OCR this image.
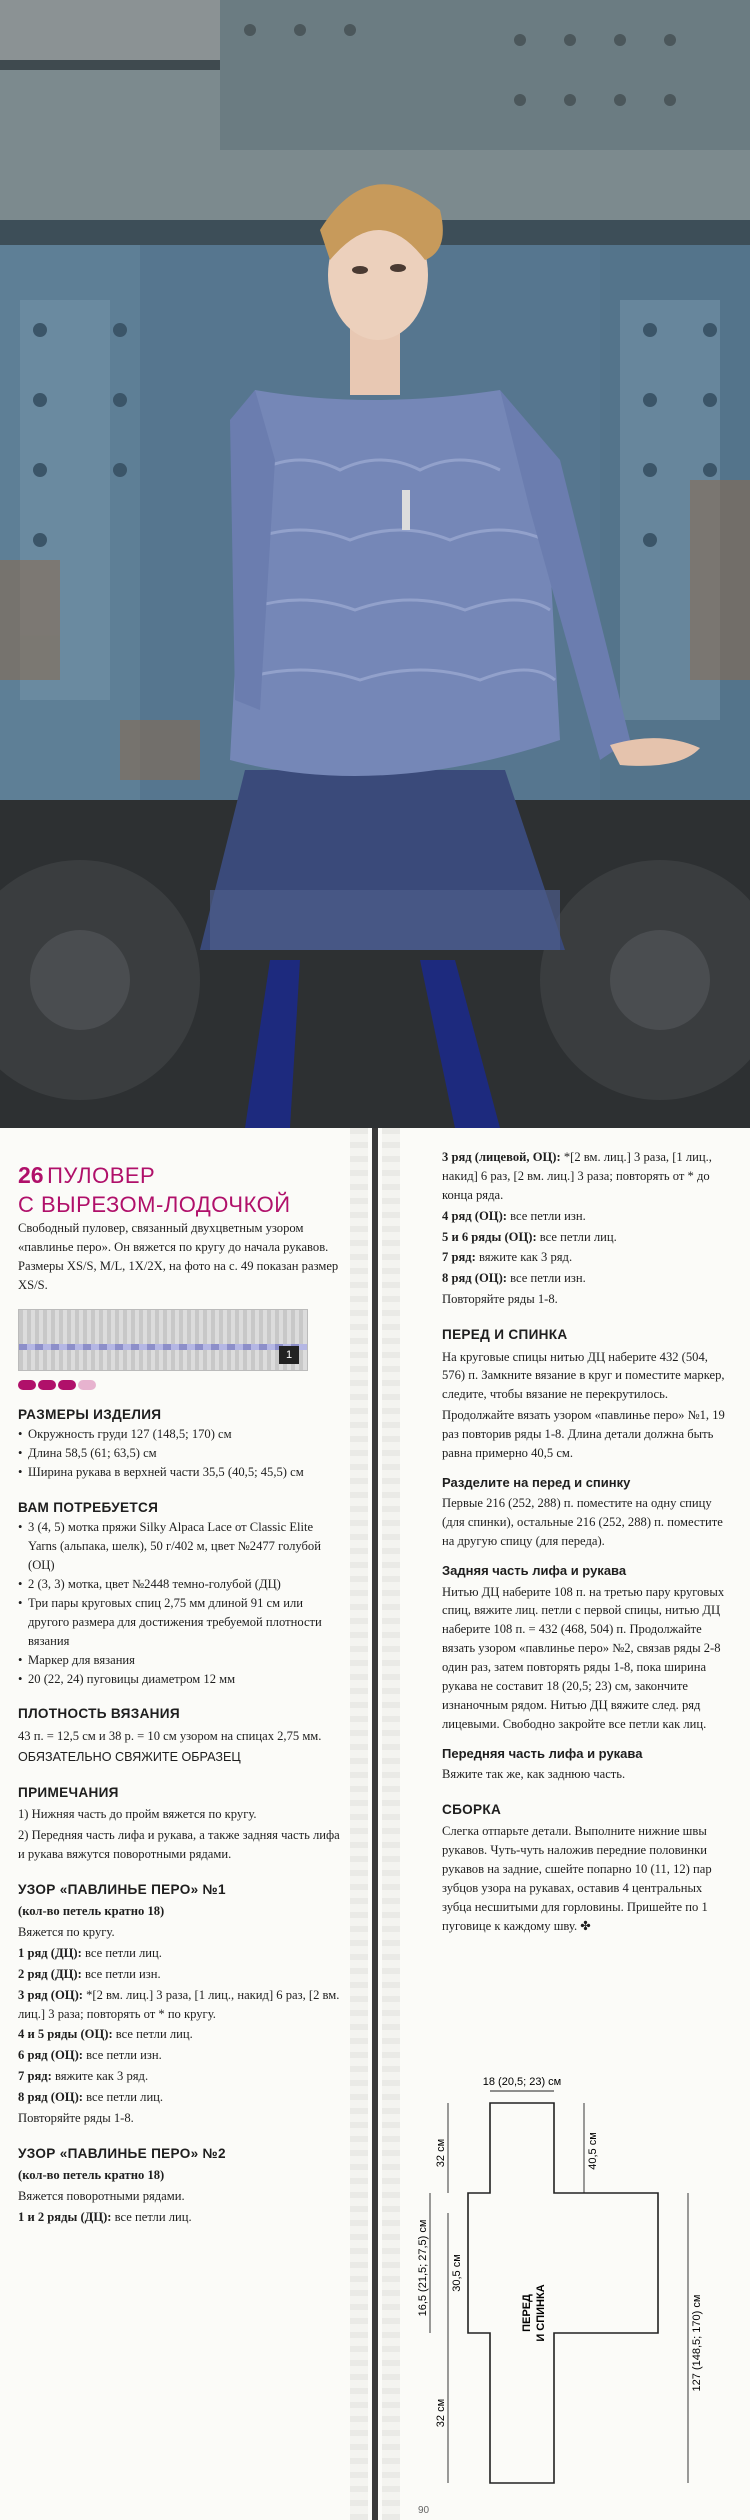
26 ПУЛОВЕР
С ВЫРЕЗОМ-ЛОДОЧКОЙ
Свободный пуловер, связанный двухцветным узором «павлинье перо». Он вяжется по кругу до начала рукавов. Размеры XS/S, M/L, 1X/2X, на фото на с. 49 показан размер XS/S.
1
РАЗМЕРЫ ИЗДЕЛИЯ
• Окружность груди 127 (148,5; 170) см
• Длина 58,5 (61; 63,5) см
• Ширина рукава в верхней части 35,5 (40,5; 45,5) см
ВАМ ПОТРЕБУЕТСЯ
• 3 (4, 5) мотка пряжи Silky Alpaca Lace от Classic Elite Yarns (альпака, шелк), 50 г/402 м, цвет №2477 голубой (ОЦ)
• 2 (3, 3) мотка, цвет №2448 темно-голубой (ДЦ)
• Три пары круговых спиц 2,75 мм длиной 91 см или другого размера для достижения требуемой плотности вязания
• Маркер для вязания
• 20 (22, 24) пуговицы диаметром 12 мм
ПЛОТНОСТЬ ВЯЗАНИЯ
43 п. = 12,5 см и 38 р. = 10 см узором на спицах 2,75 мм.
ОБЯЗАТЕЛЬНО СВЯЖИТЕ ОБРАЗЕЦ
ПРИМЕЧАНИЯ
1) Нижняя часть до пройм вяжется по кругу.
2) Передняя часть лифа и рукава, а также задняя часть лифа и рукава вяжутся поворотными рядами.
УЗОР «ПАВЛИНЬЕ ПЕРО» №1
(кол-во петель кратно 18)
Вяжется по кругу.
1 ряд (ДЦ): все петли лиц.
2 ряд (ДЦ): все петли изн.
3 ряд (ОЦ): *[2 вм. лиц.] 3 раза, [1 лиц., накид] 6 раз, [2 вм. лиц.] 3 раза; повторять от * по кругу.
4 и 5 ряды (ОЦ): все петли лиц.
6 ряд (ОЦ): все петли изн.
7 ряд: вяжите как 3 ряд.
8 ряд (ОЦ): все петли лиц.
Повторяйте ряды 1-8.
УЗОР «ПАВЛИНЬЕ ПЕРО» №2
(кол-во петель кратно 18)
Вяжется поворотными рядами.
1 и 2 ряды (ДЦ): все петли лиц.
3 ряд (лицевой, ОЦ): *[2 вм. лиц.] 3 раза, [1 лиц., накид] 6 раз, [2 вм. лиц.] 3 раза; повторять от * до конца ряда.
4 ряд (ОЦ): все петли изн.
5 и 6 ряды (ОЦ): все петли лиц.
7 ряд: вяжите как 3 ряд.
8 ряд (ОЦ): все петли изн.
Повторяйте ряды 1-8.
ПЕРЕД И СПИНКА
На круговые спицы нитью ДЦ наберите 432 (504, 576) п. Замкните вязание в круг и поместите маркер, следите, чтобы вязание не перекрутилось.
Продолжайте вязать узором «павлинье перо» №1, 19 раз повторив ряды 1-8. Длина детали должна быть равна примерно 40,5 см.
Разделите на перед и спинку
Первые 216 (252, 288) п. поместите на одну спицу (для спинки), остальные 216 (252, 288) п. поместите на другую спицу (для переда).
Задняя часть лифа и рукава
Нитью ДЦ наберите 108 п. на третью пару круговых спиц, вяжите лиц. петли с первой спицы, нитью ДЦ наберите 108 п. = 432 (468, 504) п. Продолжайте вязать узором «павлинье перо» №2, связав ряды 2-8 один раз, затем повторять ряды 1-8, пока ширина рукава не составит 18 (20,5; 23) см, закончите изнаночным рядом. Нитью ДЦ вяжите след. ряд лицевыми. Свободно закройте все петли как лиц.
Передняя часть лифа и рукава
Вяжите так же, как заднюю часть.
СБОРКА
Слегка отпарьте детали. Выполните нижние швы рукавов. Чуть-чуть наложив передние половинки рукавов на задние, сшейте попарно 10 (11, 12) пар зубцов узора на рукавах, оставив 4 центральных зубца несшитыми для горловины. Пришейте по 1 пуговице к каждому шву. ✤
18 (20,5; 23) см
32 см
16,5 (21,5; 27,5) см 30,5 см
32 см
40,5 см
127 (148,5; 170) см
ПЕРЕД И СПИНКА
90
